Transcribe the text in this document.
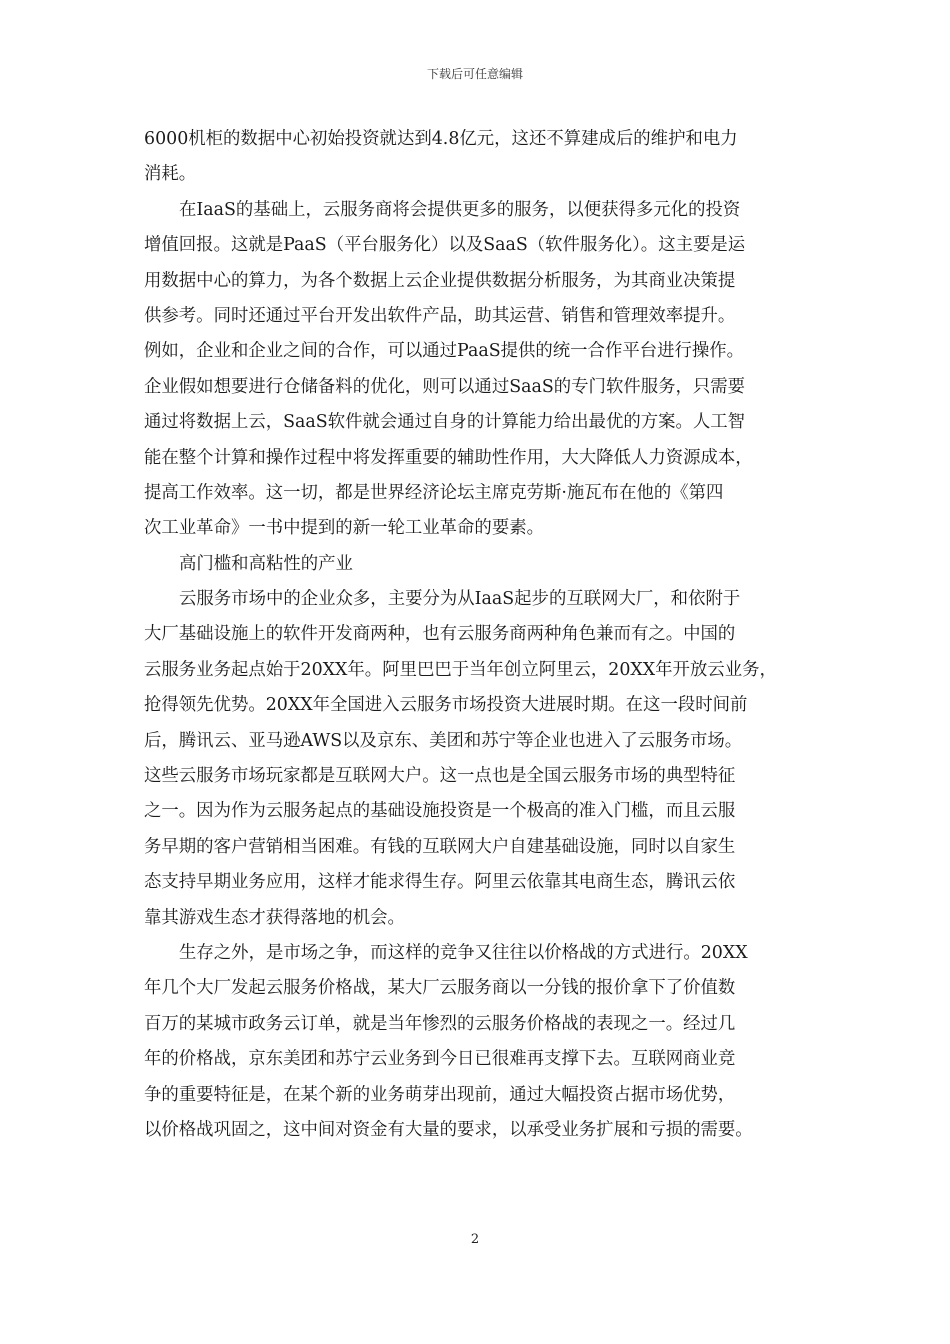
下载后可任意编辑
6000机柜的数据中心初始投资就达到4.8亿元，这还不算建成后的维护和电力
消耗。
在IaaS的基础上，云服务商将会提供更多的服务，以便获得多元化的投资
增值回报。这就是PaaS（平台服务化）以及SaaS（软件服务化）。这主要是运
用数据中心的算力，为各个数据上云企业提供数据分析服务，为其商业决策提
供参考。同时还通过平台开发出软件产品，助其运营、销售和管理效率提升。
例如，企业和企业之间的合作，可以通过PaaS提供的统一合作平台进行操作。
企业假如想要进行仓储备料的优化，则可以通过SaaS的专门软件服务，只需要
通过将数据上云，SaaS软件就会通过自身的计算能力给出最优的方案。人工智
能在整个计算和操作过程中将发挥重要的辅助性作用，大大降低人力资源成本，
提高工作效率。这一切，都是世界经济论坛主席克劳斯·施瓦布在他的《第四
次工业革命》一书中提到的新一轮工业革命的要素。
高门槛和高粘性的产业
云服务市场中的企业众多，主要分为从IaaS起步的互联网大厂，和依附于
大厂基础设施上的软件开发商两种，也有云服务商两种角色兼而有之。中国的
云服务业务起点始于20XX年。阿里巴巴于当年创立阿里云，20XX年开放云业务，
抢得领先优势。20XX年全国进入云服务市场投资大进展时期。在这一段时间前
后，腾讯云、亚马逊AWS以及京东、美团和苏宁等企业也进入了云服务市场。
这些云服务市场玩家都是互联网大户。这一点也是全国云服务市场的典型特征
之一。因为作为云服务起点的基础设施投资是一个极高的准入门槛，而且云服
务早期的客户营销相当困难。有钱的互联网大户自建基础设施，同时以自家生
态支持早期业务应用，这样才能求得生存。阿里云依靠其电商生态，腾讯云依
靠其游戏生态才获得落地的机会。
生存之外，是市场之争，而这样的竞争又往往以价格战的方式进行。20XX
年几个大厂发起云服务价格战，某大厂云服务商以一分钱的报价拿下了价值数
百万的某城市政务云订单，就是当年惨烈的云服务价格战的表现之一。经过几
年的价格战，京东美团和苏宁云业务到今日已很难再支撑下去。互联网商业竞
争的重要特征是，在某个新的业务萌芽出现前，通过大幅投资占据市场优势，
以价格战巩固之，这中间对资金有大量的要求，以承受业务扩展和亏损的需要。
2
